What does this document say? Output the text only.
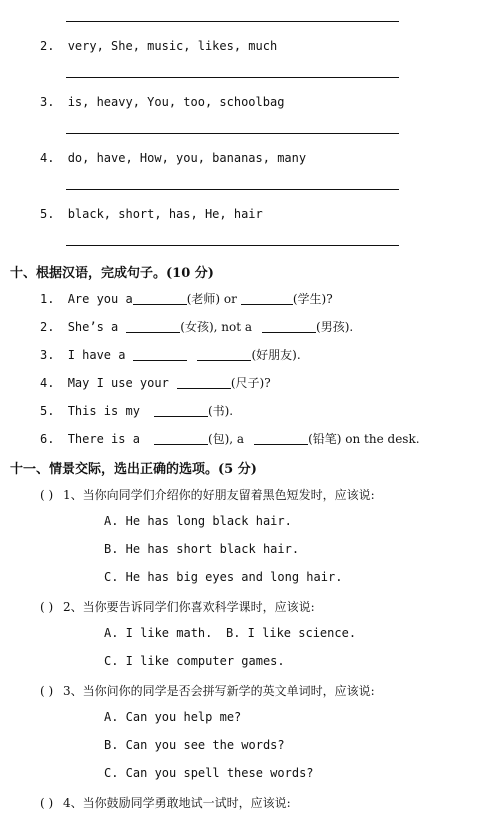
2. very, She, music, likes, much
3. is, heavy, You, too, schoolbag
4. do, have, How, you, bananas, many
5. black, short, has, He, hair
十、根据汉语，完成句子。(10 分)
1. Are you a	(老师) or	(学生)?
2. She’s a	(女孩), not a	(男孩).
3. I have a	(好朋友).
4. May I use your	(尺子)?
5. This is my	(书).
6. There is a	(包), a	(铅笔) on the desk.
十一、情景交际，选出正确的选项。(5 分)
( ) 1、当你向同学们介绍你的好朋友留着黑色短发时，应该说:
A. He has long black hair.
B. He has short black hair.
C. He has big eyes and long hair.
( ) 2、当你要告诉同学们你喜欢科学课时，应该说:
A. I like math. B. I like science.
C. I like computer games.
( ) 3、当你问你的同学是否会拼写新学的英文单词时，应该说:
A. Can you help me?
B. Can you see the words?
C. Can you spell these words?
( ) 4、当你鼓励同学勇敢地试一试时，应该说:
